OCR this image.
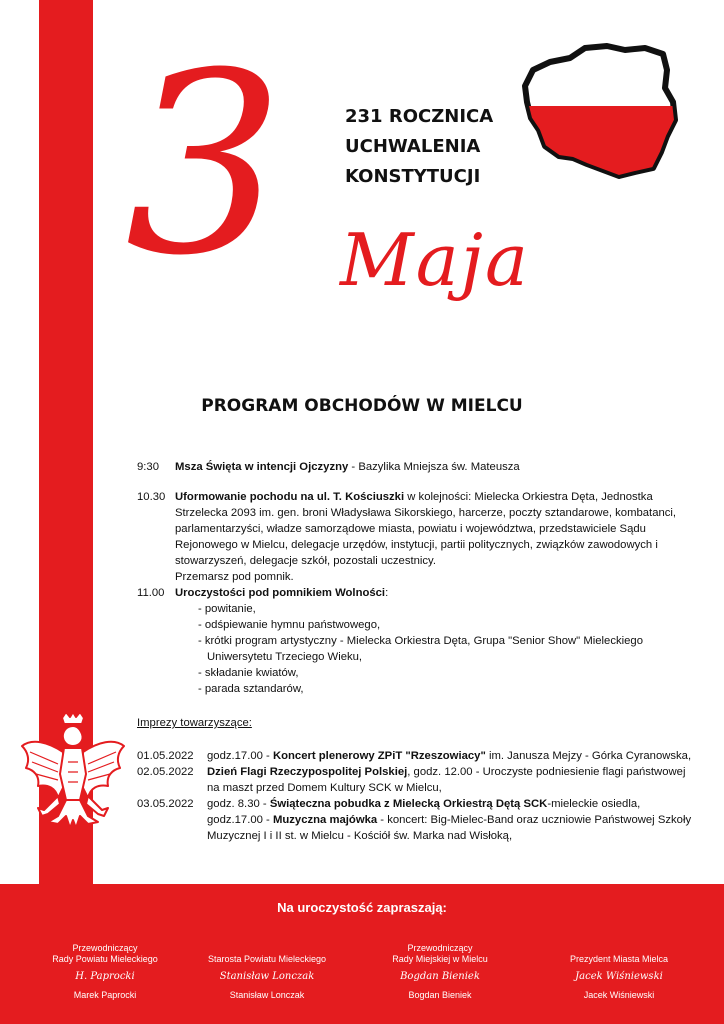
3	231 ROCZNICA
UCHWALENIA
KONSTYTUCJI
Maja
PROGRAM OBCHODÓW W MIELCU
9:30	Msza Święta w intencji Ojczyzny - Bazylika Mniejsza św. Mateusza
10.30 Uformowanie pochodu na ul. T. Kościuszki w kolejności: Mielecka Orkiestra Dęta, Jednostka Strzelecka 2093 im. gen. broni Władysława Sikorskiego, harcerze, poczty sztandarowe, kombatanci, parlamentarzyści, władze samorządowe miasta, powiatu i województwa, przedstawiciele Sądu Rejonowego w Mielcu, delegacje urzędów, instytucji, partii politycznych, związków zawodowych i stowarzyszeń, delegacje szkół, pozostali uczestnicy.
Przemarsz pod pomnik.
11.00 Uroczystości pod pomnikiem Wolności:
- powitanie,
- odśpiewanie hymnu państwowego,
- krótki program artystyczny - Mielecka Orkiestra Dęta, Grupa "Senior Show" Mieleckiego
Uniwersytetu Trzeciego Wieku,
- składanie kwiatów,
- parada sztandarów,
Imprezy towarzyszące:
01.05.2022	godz.17.00 - Koncert plenerowy ZPiT "Rzeszowiacy" im. Janusza Mejzy - Górka Cyranowska,
02.05.2022	Dzień Flagi Rzeczypospolitej Polskiej, godz. 12.00 - Uroczyste podniesienie flagi państwowej na maszt przed Domem Kultury SCK w Mielcu,
03.05.2022	godz. 8.30 - Świąteczna pobudka z Mielecką Orkiestrą Dętą SCK-mieleckie osiedla,
godz.17.00 - Muzyczna majówka - koncert: Big-Mielec-Band oraz uczniowie Państwowej Szkoły Muzycznej I i II st. w Mielcu - Kościół św. Marka nad Wisłoką,
Na uroczystość zapraszają:
Przewodniczący
Rady Powiatu Mieleckiego
H. Paprocki
Marek Paprocki
Starosta Powiatu Mieleckiego
Stanisław Lonczak
Stanisław Lonczak
Przewodniczący
Rady Miejskiej w Mielcu
Bogdan Bieniek
Bogdan Bieniek
Prezydent Miasta Mielca
Jacek Wiśniewski
Jacek Wiśniewski
